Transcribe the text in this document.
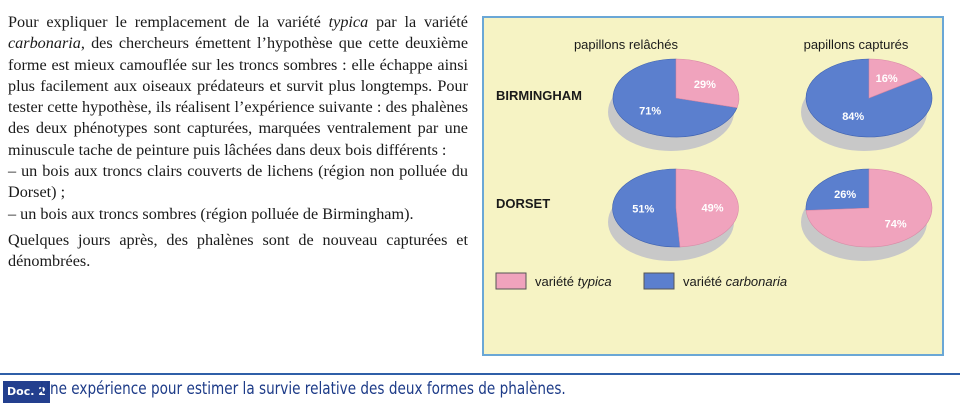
Pour expliquer le remplacement de la variété typica par la variété carbonaria, des chercheurs émettent l’hypothèse que cette deuxième forme est mieux camouflée sur les troncs sombres : elle échappe ainsi plus facilement aux oiseaux prédateurs et survit plus longtemps. Pour tester cette hypothèse, ils réalisent l’expérience suivante : des phalènes des deux phénotypes sont capturées, marquées ventralement par une minuscule tache de peinture puis lâchées dans deux bois différents :

– un bois aux troncs clairs couverts de lichens (région non polluée du Dorset) ;

– un bois aux troncs sombres (région polluée de Birmingham).

Quelques jours après, des phalènes sont de nouveau capturées et dénombrées.

papillons relâchés	papillons capturés
BIRMINGHAM
DORSET
29%
71%
16%
84%
49%
51%
74%
26%
variété typica	variété carbonaria
Doc. 2
Une expérience pour estimer la survie relative des deux formes de phalènes.
